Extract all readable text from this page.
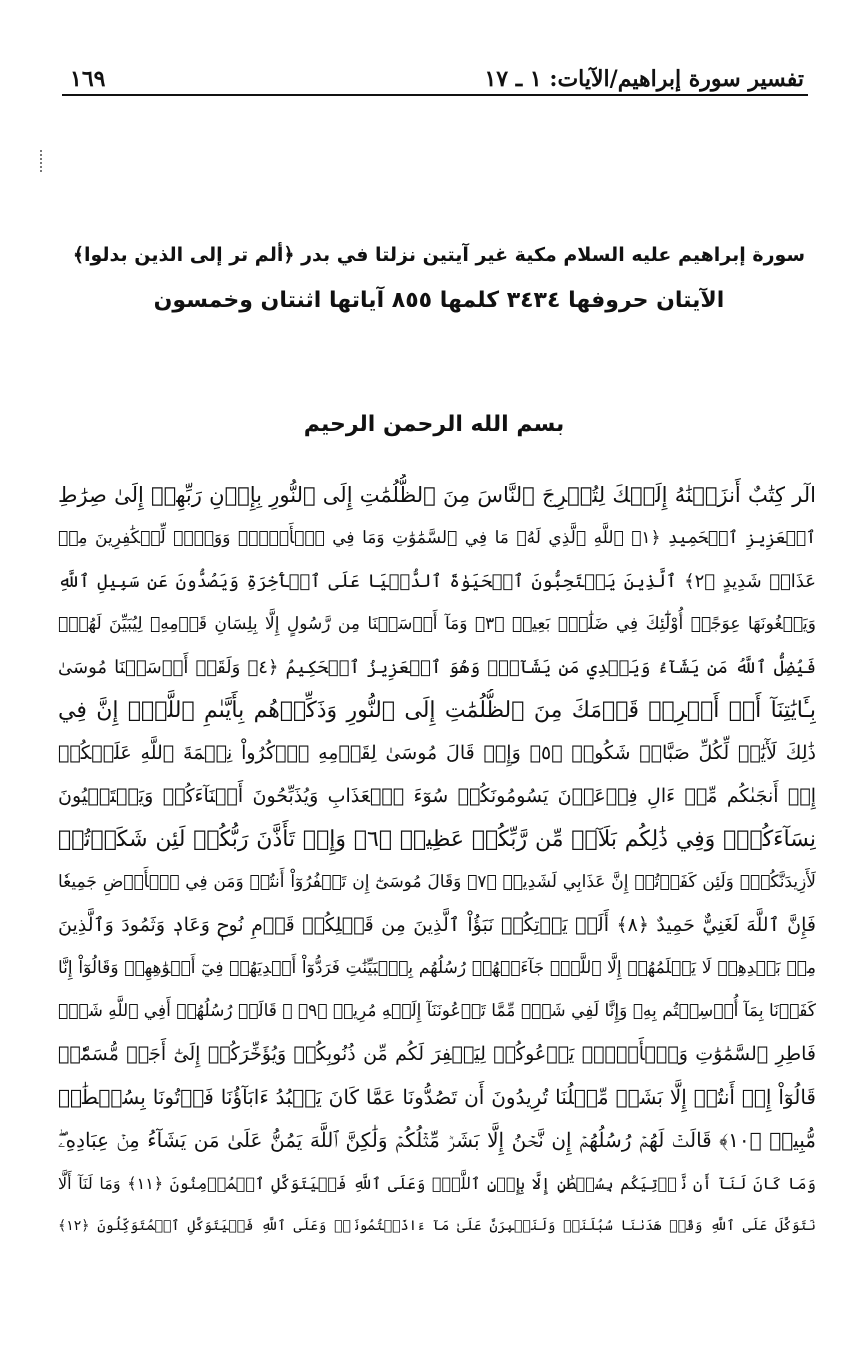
تفسير سورة إبراهيم/الآيات: ١ ـ ١٧
١٦٩

سورة إبراهيم عليه السلام مكية غير آيتين نزلتا في بدر ﴿ألم تر إلى الذين بدلوا﴾

الآيتان حروفها ٣٤٣٤ كلمها ٨٥٥ آياتها اثنتان وخمسون

بسم الله الرحمن الرحيم
الٓر كِتَٰبٌ أَنزَلۡنَٰهُ إِلَيۡكَ لِتُخۡرِجَ ٱلنَّاسَ مِنَ ٱلظُّلُمَٰتِ إِلَى ٱلنُّورِ بِإِذۡنِ رَبِّهِمۡ إِلَىٰ صِرَٰطِ
ٱلۡعَزِيزِ ٱلۡحَمِيدِ ﴿١﴾ ٱللَّهِ ٱلَّذِي لَهُۥ مَا فِي ٱلسَّمَٰوَٰتِ وَمَا فِي ٱلۡأَرۡضِۗ وَوَيۡلٞ لِّلۡكَٰفِرِينَ مِنۡ
عَذَابٖ شَدِيدٍ ﴿٢﴾ ٱلَّذِينَ يَسۡتَحِبُّونَ ٱلۡحَيَوٰةَ ٱلدُّنۡيَا عَلَى ٱلۡأٓخِرَةِ وَيَصُدُّونَ عَن سَبِيلِ ٱللَّهِ
وَيَبۡغُونَهَا عِوَجًاۚ أُوْلَٰٓئِكَ فِي ضَلَٰلِۭ بَعِيدٖ ﴿٣﴾ وَمَآ أَرۡسَلۡنَا مِن رَّسُولٍ إِلَّا بِلِسَانِ قَوۡمِهِۦ لِيُبَيِّنَ لَهُمۡۖ
فَيُضِلُّ ٱللَّهُ مَن يَشَآءُ وَيَهۡدِي مَن يَشَآءُۚ وَهُوَ ٱلۡعَزِيزُ ٱلۡحَكِيمُ ﴿٤﴾ وَلَقَدۡ أَرۡسَلۡنَا مُوسَىٰ
بِـَٔايَٰتِنَآ أَنۡ أَخۡرِجۡ قَوۡمَكَ مِنَ ٱلظُّلُمَٰتِ إِلَى ٱلنُّورِ وَذَكِّرۡهُم بِأَيَّىٰمِ ٱللَّهِۚ إِنَّ فِي
ذَٰلِكَ لَأٓيَٰتٖ لِّكُلِّ صَبَّارٖ شَكُورٖ ﴿٥﴾ وَإِذۡ قَالَ مُوسَىٰ لِقَوۡمِهِ ٱذۡكُرُواْ نِعۡمَةَ ٱللَّهِ عَلَيۡكُمۡ
إِذۡ أَنجَىٰكُم مِّنۡ ءَالِ فِرۡعَوۡنَ يَسُومُونَكُمۡ سُوٓءَ ٱلۡعَذَابِ وَيُذَبِّحُونَ أَبۡنَآءَكُمۡ وَيَسۡتَحۡيُونَ
نِسَآءَكُمۡۚ وَفِي ذَٰلِكُم بَلَآءٞ مِّن رَّبِّكُمۡ عَظِيمٞ ﴿٦﴾ وَإِذۡ تَأَذَّنَ رَبُّكُمۡ لَئِن شَكَرۡتُمۡ
لَأَزِيدَنَّكُمۡۖ وَلَئِن كَفَرۡتُمۡ إِنَّ عَذَابِي لَشَدِيدٞ ﴿٧﴾ وَقَالَ مُوسَىٰٓ إِن تَكۡفُرُوٓاْ أَنتُمۡ وَمَن فِي ٱلۡأَرۡضِ جَمِيعٗا
فَإِنَّ ٱللَّهَ لَغَنِيٌّ حَمِيدٌ ﴿٨﴾ أَلَمۡ يَأۡتِكُمۡ نَبَؤُاْ ٱلَّذِينَ مِن قَبۡلِكُمۡ قَوۡمِ نُوحٖ وَعَادٖ وَثَمُودَ وَٱلَّذِينَ
مِنۢ بَعۡدِهِمۡ لَا يَعۡلَمُهُمۡ إِلَّا ٱللَّهُۚ جَآءَتۡهُمۡ رُسُلُهُم بِٱلۡبَيِّنَٰتِ فَرَدُّوٓاْ أَيۡدِيَهُمۡ فِيٓ أَفۡوَٰهِهِمۡ وَقَالُوٓاْ إِنَّا
كَفَرۡنَا بِمَآ أُرۡسِلۡتُم بِهِۦ وَإِنَّا لَفِي شَكّٖ مِّمَّا تَدۡعُونَنَآ إِلَيۡهِ مُرِيبٖ ﴿٩﴾ ۞ قَالَتۡ رُسُلُهُمۡ أَفِي ٱللَّهِ شَكّٞ
فَاطِرِ ٱلسَّمَٰوَٰتِ وَٱلۡأَرۡضِۖ يَدۡعُوكُمۡ لِيَغۡفِرَ لَكُم مِّن ذُنُوبِكُمۡ وَيُؤَخِّرَكُمۡ إِلَىٰٓ أَجَلٖ مُّسَمّٗىۚ
قَالُوٓاْ إِنۡ أَنتُمۡ إِلَّا بَشَرٞ مِّثۡلُنَا تُرِيدُونَ أَن تَصُدُّونَا عَمَّا كَانَ يَعۡبُدُ ءَابَآؤُنَا فَأۡتُونَا بِسُلۡطَٰنٖ
مُّبِينٖ ﴿١٠﴾ قَالَتۡ لَهُمۡ رُسُلُهُمۡ إِن نَّحۡنُ إِلَّا بَشَرٞ مِّثۡلُكُمۡ وَلَٰكِنَّ ٱللَّهَ يَمُنُّ عَلَىٰ مَن يَشَآءُ مِنۡ عِبَادِهِۦۖ
وَمَا كَانَ لَنَآ أَن نَّأۡتِيَكُم بِسُلۡطَٰنٍ إِلَّا بِإِذۡنِ ٱللَّهِۚ وَعَلَى ٱللَّهِ فَلۡيَتَوَكَّلِ ٱلۡمُؤۡمِنُونَ ﴿١١﴾ وَمَا لَنَآ أَلَّا
نَتَوَكَّلَ عَلَى ٱللَّهِ وَقَدۡ هَدَىٰنَا سُبُلَنَاۚ وَلَنَصۡبِرَنَّ عَلَىٰ مَآ ءَاذَيۡتُمُونَاۚ وَعَلَى ٱللَّهِ فَلۡيَتَوَكَّلِ ٱلۡمُتَوَكِّلُونَ ﴿١٢﴾
